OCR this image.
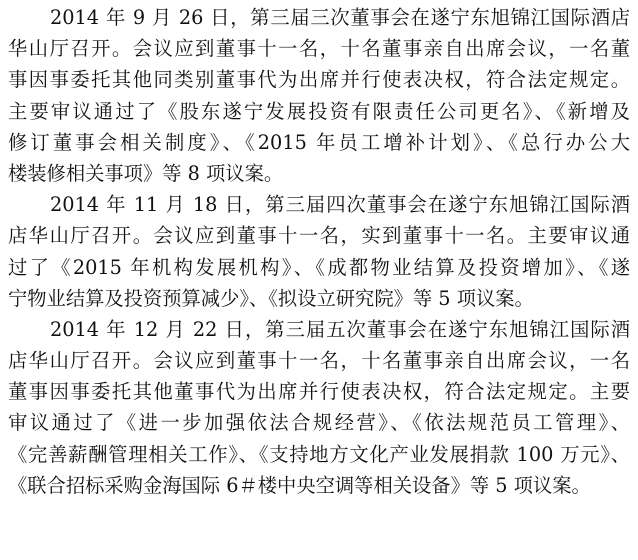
2014 年 9 月 26 日，第三届三次董事会在遂宁东旭锦江国际酒店
华山厅召开。会议应到董事十一名，十名董事亲自出席会议，一名董
事因事委托其他同类别董事代为出席并行使表决权，符合法定规定。
主要审议通过了《股东遂宁发展投资有限责任公司更名》、《新增及
修订董事会相关制度》、《2015 年员工增补计划》、《总行办公大
楼装修相关事项》等 8 项议案。
2014 年 11 月 18 日，第三届四次董事会在遂宁东旭锦江国际酒
店华山厅召开。会议应到董事十一名，实到董事十一名。主要审议通
过了《2015 年机构发展机构》、《成都物业结算及投资增加》、《遂
宁物业结算及投资预算减少》、《拟设立研究院》等 5 项议案。
2014 年 12 月 22 日，第三届五次董事会在遂宁东旭锦江国际酒
店华山厅召开。会议应到董事十一名，十名董事亲自出席会议，一名
董事因事委托其他董事代为出席并行使表决权，符合法定规定。主要
审议通过了《进一步加强依法合规经营》、《依法规范员工管理》、
《完善薪酬管理相关工作》、《支持地方文化产业发展捐款 100 万元》、
《联合招标采购金海国际 6＃楼中央空调等相关设备》等 5 项议案。
